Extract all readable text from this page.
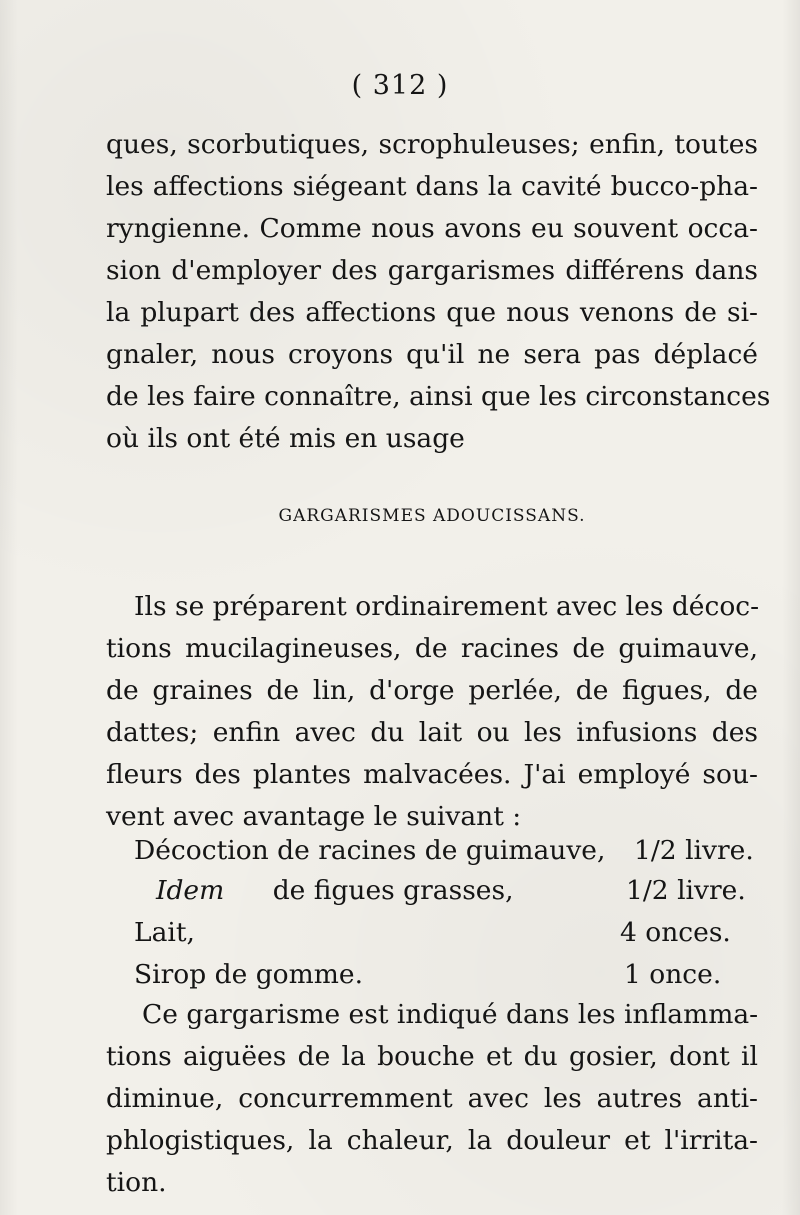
( 312 )
ques, scorbutiques, scrophuleuses; enfin, toutes
les affections siégeant dans la cavité bucco-pha-
ryngienne. Comme nous avons eu souvent occa-
sion d'employer des gargarismes différens dans
la plupart des affections que nous venons de si-
gnaler, nous croyons qu'il ne sera pas déplacé
de les faire connaître, ainsi que les circonstances
où ils ont été mis en usage
GARGARISMES ADOUCISSANS.
Ils se préparent ordinairement avec les décoc-
tions mucilagineuses, de racines de guimauve,
de graines de lin, d'orge perlée, de figues, de
dattes; enfin avec du lait ou les infusions des
fleurs des plantes malvacées. J'ai employé sou-
vent avec avantage le suivant :
Décoction de racines de guimauve, 1/2 livre.
Idem de figues grasses,	1/2 livre.
Lait,	4 onces.
Sirop de gomme.	1 once.
Ce gargarisme est indiqué dans les inflamma-
tions aiguëes de la bouche et du gosier, dont il
diminue, concurremment avec les autres anti-
phlogistiques, la chaleur, la douleur et l'irrita-
tion.
